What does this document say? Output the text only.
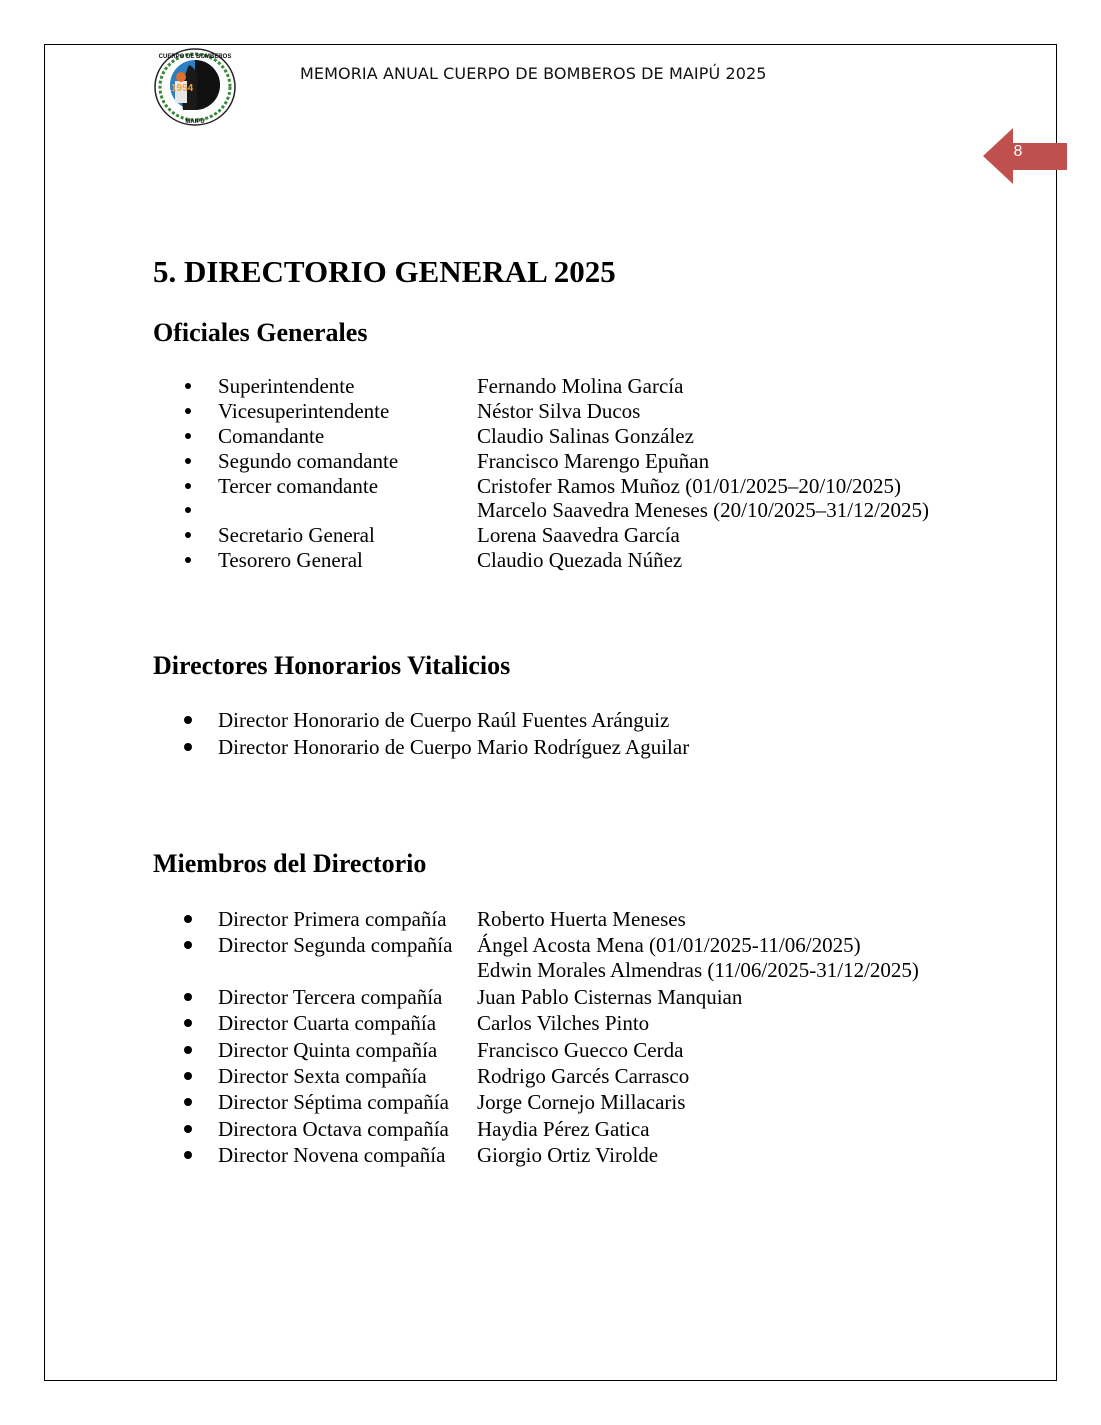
1954
CUERPO DE BOMBEROS
MAIPU
MEMORIA ANUAL CUERPO DE BOMBEROS DE MAIPÚ 2025
8
5. DIRECTORIO GENERAL 2025
Oficiales Generales
Superintendente	Fernando Molina García
Vicesuperintendente	Néstor Silva Ducos
Comandante	Claudio Salinas González
Segundo comandante	Francisco Marengo Epuñan
Tercer comandante	Cristofer Ramos Muñoz (01/01/2025–20/10/2025)
Marcelo Saavedra Meneses (20/10/2025–31/12/2025)
Secretario General	Lorena Saavedra García
Tesorero General	Claudio Quezada Núñez
Directores Honorarios Vitalicios
Director Honorario de Cuerpo Raúl Fuentes Aránguiz
Director Honorario de Cuerpo Mario Rodríguez Aguilar
Miembros del Directorio
Director Primera compañía Roberto Huerta Meneses
Director Segunda compañía Ángel Acosta Mena (01/01/2025-11/06/2025)
Edwin Morales Almendras (11/06/2025-31/12/2025)
Director Tercera compañía Juan Pablo Cisternas Manquian
Director Cuarta compañía Carlos Vilches Pinto
Director Quinta compañía Francisco Guecco Cerda
Director Sexta compañía Rodrigo Garcés Carrasco
Director Séptima compañía Jorge Cornejo Millacaris
Directora Octava compañía Haydia Pérez Gatica
Director Novena compañía Giorgio Ortiz Virolde
